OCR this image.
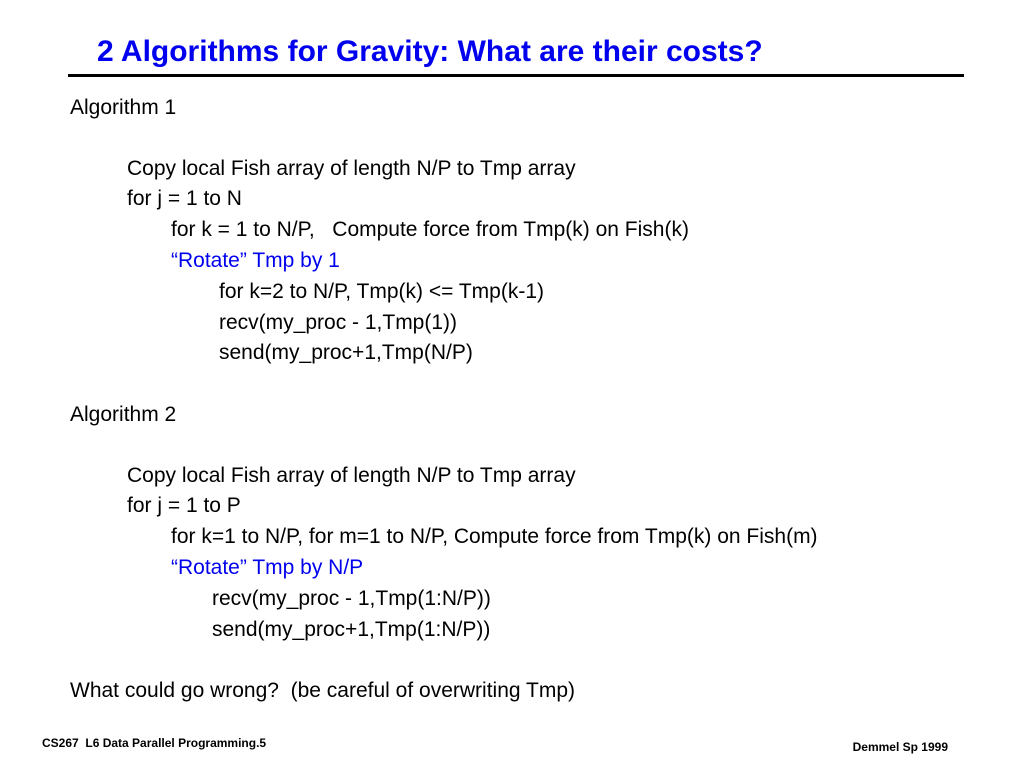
2 Algorithms for Gravity: What are their costs?
Algorithm 1
Copy local Fish array of length N/P to Tmp array
for j = 1 to N
for k = 1 to N/P,   Compute force from Tmp(k) on Fish(k)
“Rotate” Tmp by 1
for k=2 to N/P, Tmp(k) <= Tmp(k-1)
recv(my_proc - 1,Tmp(1))
send(my_proc+1,Tmp(N/P)
Algorithm 2
Copy local Fish array of length N/P to Tmp array
for j = 1 to P
for k=1 to N/P, for m=1 to N/P, Compute force from Tmp(k) on Fish(m)
“Rotate” Tmp by N/P
recv(my_proc - 1,Tmp(1:N/P))
send(my_proc+1,Tmp(1:N/P))
What could go wrong?  (be careful of overwriting Tmp)
CS267  L6 Data Parallel Programming.5	Demmel Sp 1999
